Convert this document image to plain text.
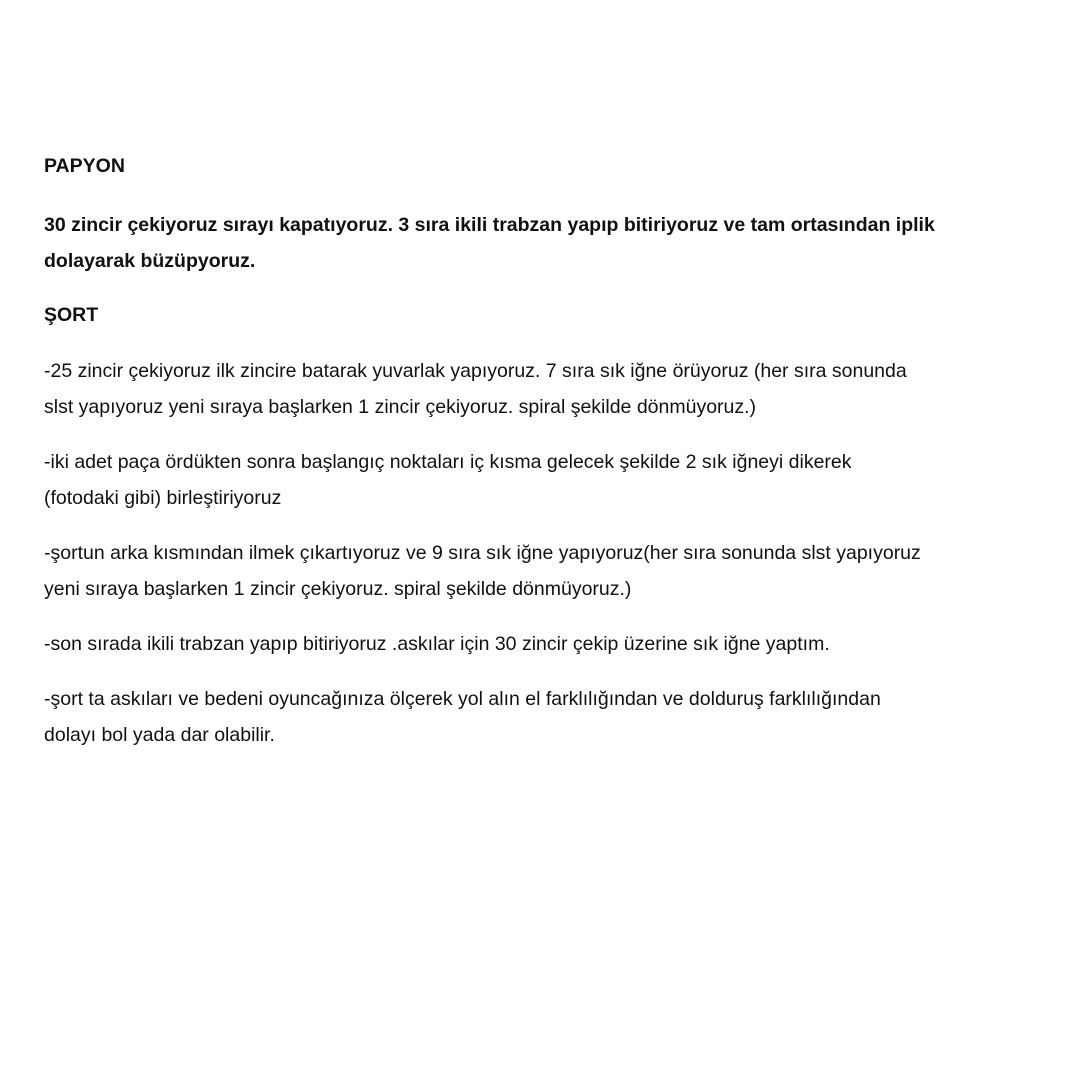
PAPYON

30 zincir çekiyoruz sırayı kapatıyoruz. 3 sıra ikili trabzan yapıp bitiriyoruz ve tam ortasından iplik
dolayarak büzüpyoruz.

ŞORT

-25 zincir çekiyoruz ilk zincire batarak yuvarlak yapıyoruz. 7 sıra sık iğne örüyoruz (her sıra sonunda
slst yapıyoruz yeni sıraya başlarken 1 zincir çekiyoruz. spiral şekilde dönmüyoruz.)

-iki adet paça ördükten sonra başlangıç noktaları iç kısma gelecek şekilde 2 sık iğneyi dikerek
(fotodaki gibi) birleştiriyoruz

-şortun arka kısmından ilmek çıkartıyoruz ve 9 sıra sık iğne yapıyoruz(her sıra sonunda slst yapıyoruz
yeni sıraya başlarken 1 zincir çekiyoruz. spiral şekilde dönmüyoruz.)

-son sırada ikili trabzan yapıp bitiriyoruz .askılar için 30 zincir çekip üzerine sık iğne yaptım.

-şort ta askıları ve bedeni oyuncağınıza ölçerek yol alın el farklılığından ve dolduruş farklılığından
dolayı bol yada dar olabilir.
